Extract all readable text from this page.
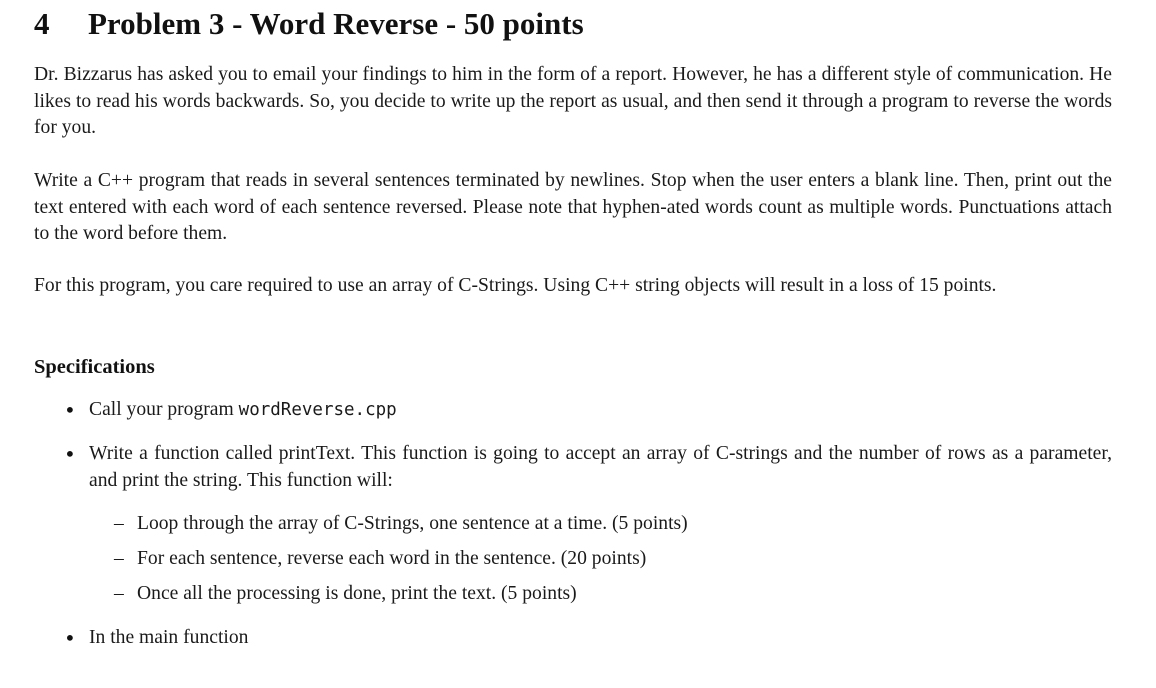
4 Problem 3 - Word Reverse - 50 points

Dr. Bizzarus has asked you to email your findings to him in the form of a report. However, he has a different style of communication. He likes to read his words backwards. So, you decide to write up the report as usual, and then send it through a program to reverse the words for you.

Write a C++ program that reads in several sentences terminated by newlines. Stop when the user enters a blank line. Then, print out the text entered with each word of each sentence reversed. Please note that hyphen-ated words count as multiple words. Punctuations attach to the word before them.

For this program, you care required to use an array of C-Strings. Using C++ string objects will result in a loss of 15 points.

Specifications
• Call your program wordReverse.cpp

• Write a function called printText. This function is going to accept an array of C-strings and the number of rows as a parameter, and print the string. This function will:

– Loop through the array of C-Strings, one sentence at a time. (5 points)

– For each sentence, reverse each word in the sentence. (20 points)

– Once all the processing is done, print the text. (5 points)

• In the main function
